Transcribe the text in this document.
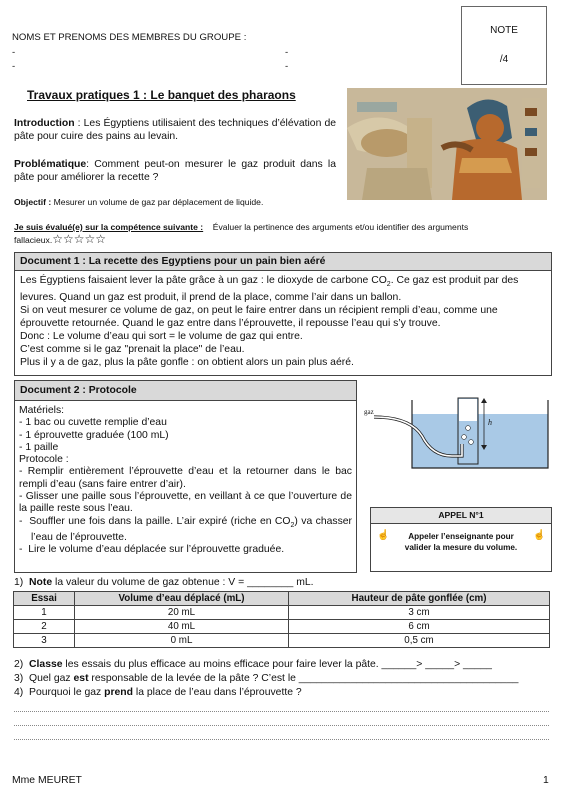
NOMS ET PRENOMS DES MEMBRES DU GROUPE :
-	-
-	-
NOTE
/4
Travaux pratiques 1 : Le banquet des pharaons
Introduction : Les Égyptiens utilisaient des techniques d’élévation de pâte pour cuire des pains au levain.
Problématique: Comment peut-on mesurer le gaz produit dans la pâte pour améliorer la recette ?
Objectif : Mesurer un volume de gaz par déplacement de liquide.
Je suis évalué(e) sur la compétence suivante : Évaluer la pertinence des arguments et/ou identifier des arguments fallacieux.☆☆☆☆☆
Document 1 : La recette des Egyptiens pour un pain bien aéré
Les Égyptiens faisaient lever la pâte grâce à un gaz : le dioxyde de carbone $CO_2$. Ce gaz est produit par des levures. Quand un gaz est produit, il prend de la place, comme l’air dans un ballon.
Si on veut mesurer ce volume de gaz, on peut le faire entrer dans un récipient rempli d’eau, comme une éprouvette retournée. Quand le gaz entre dans l’éprouvette, il repousse l’eau qui s’y trouve.
Donc : Le volume d’eau qui sort = le volume de gaz qui entre.
C’est comme si le gaz "prenait la place" de l’eau.
Plus il y a de gaz, plus la pâte gonfle : on obtient alors un pain plus aéré.
Document 2 : Protocole
Matériels:
- 1 bac ou cuvette remplie d’eau
- 1 éprouvette graduée (100 mL)
- 1 paille
Protocole :
- Remplir entièrement l’éprouvette d’eau et la retourner dans le bac rempli d’eau (sans faire entrer d’air).
- Glisser une paille sous l’éprouvette, en veillant à ce que l’ouverture de la paille reste sous l’eau.
-  Souffler une fois dans la paille. L’air expiré (riche en $CO_2$) va chasser l’eau de l’éprouvette.
-  Lire le volume d’eau déplacée sur l’éprouvette graduée.
gaz
h
APPEL N°1
☝	Appeler l’enseignante pour valider la mesure du volume.
☝
1) Note la valeur du volume de gaz obtenue : V = ________ mL.
Essai	Volume d’eau déplacé (mL)	Hauteur de pâte gonflée (cm)
1	20 mL	3 cm
2	40 mL	6 cm
3	0 mL	0,5 cm
2) Classe les essais du plus efficace au moins efficace pour faire lever la pâte. ______> _____> _____
3) Quel gaz est responsable de la levée de la pâte ? C’est le ______________________________________
4) Pourquoi le gaz prend la place de l’eau dans l’éprouvette ?
Mme MEURET	1
